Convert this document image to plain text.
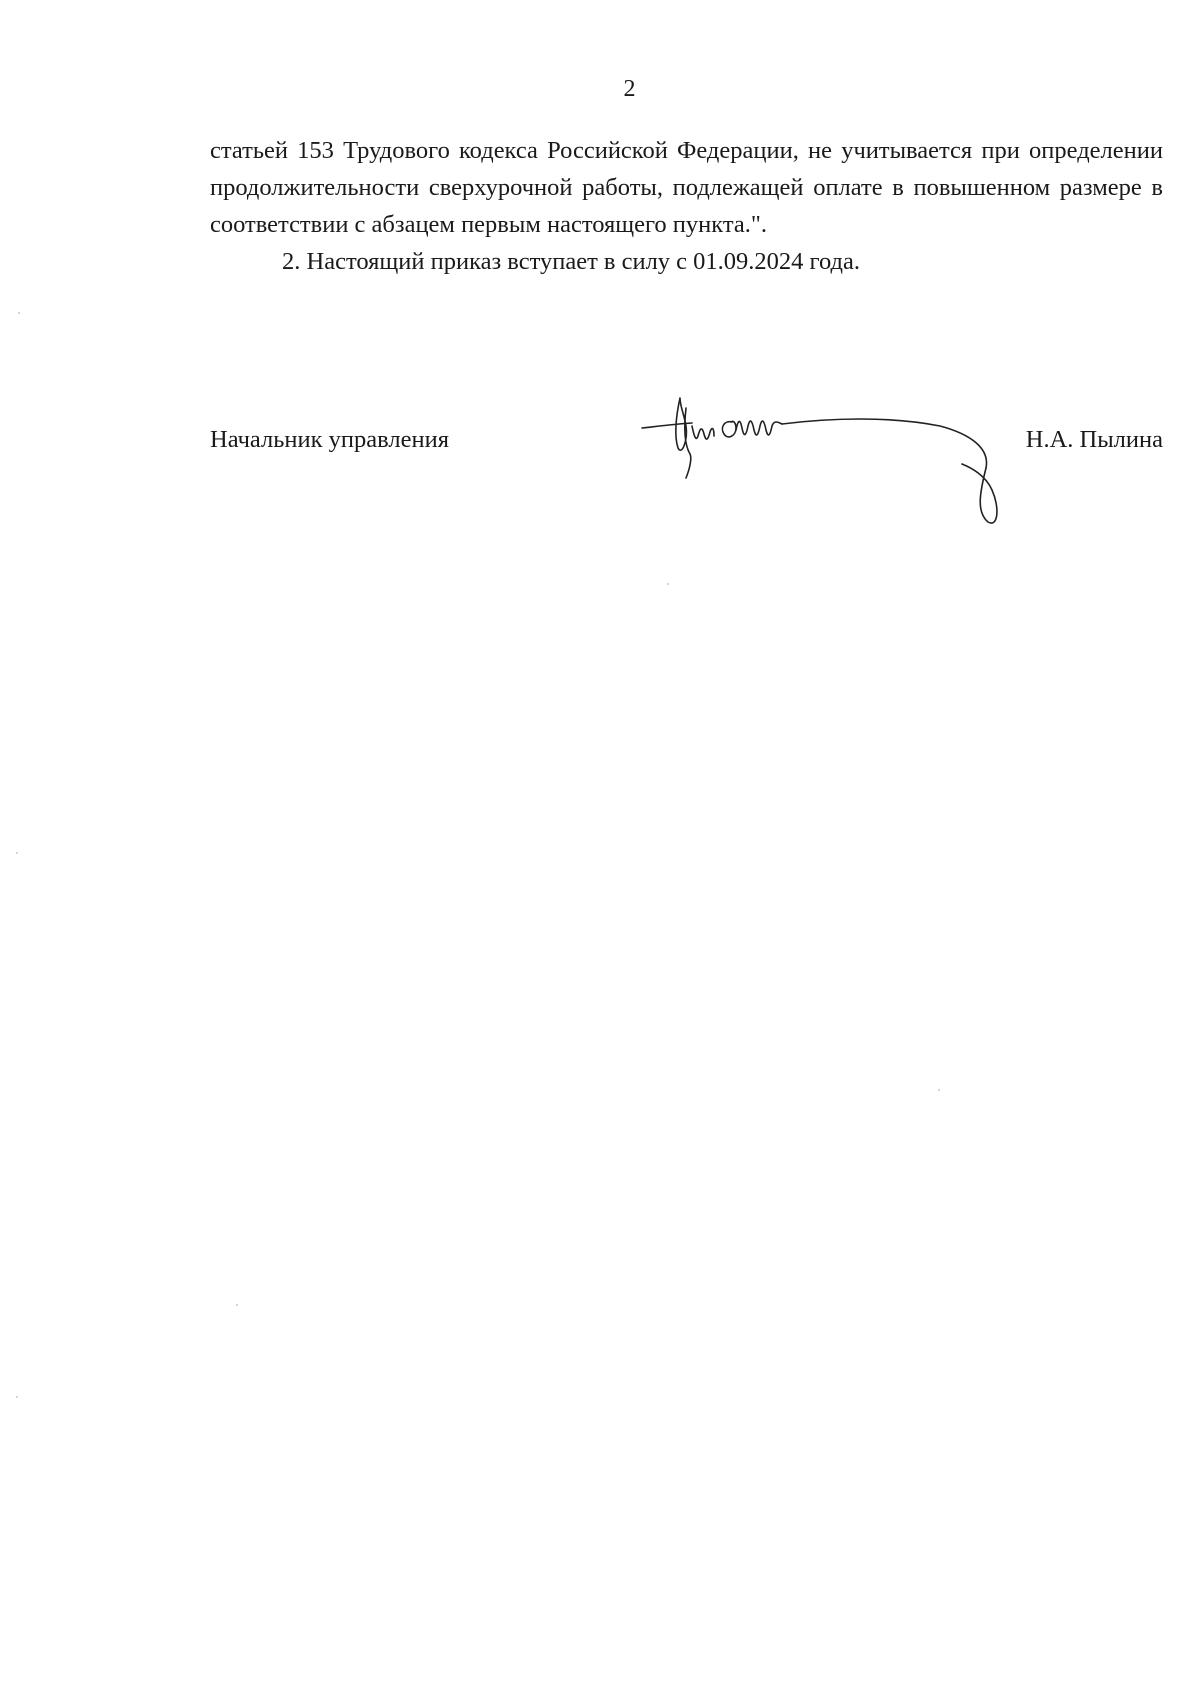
2

статьей 153 Трудового кодекса Российской Федерации, не учитывается при определении продолжительности сверхурочной работы, подлежащей оплате в повышенном размере в соответствии с абзацем первым настоящего пункта.".

2. Настоящий приказ вступает в силу с 01.09.2024 года.

Начальник управления	Н.А. Пылина
